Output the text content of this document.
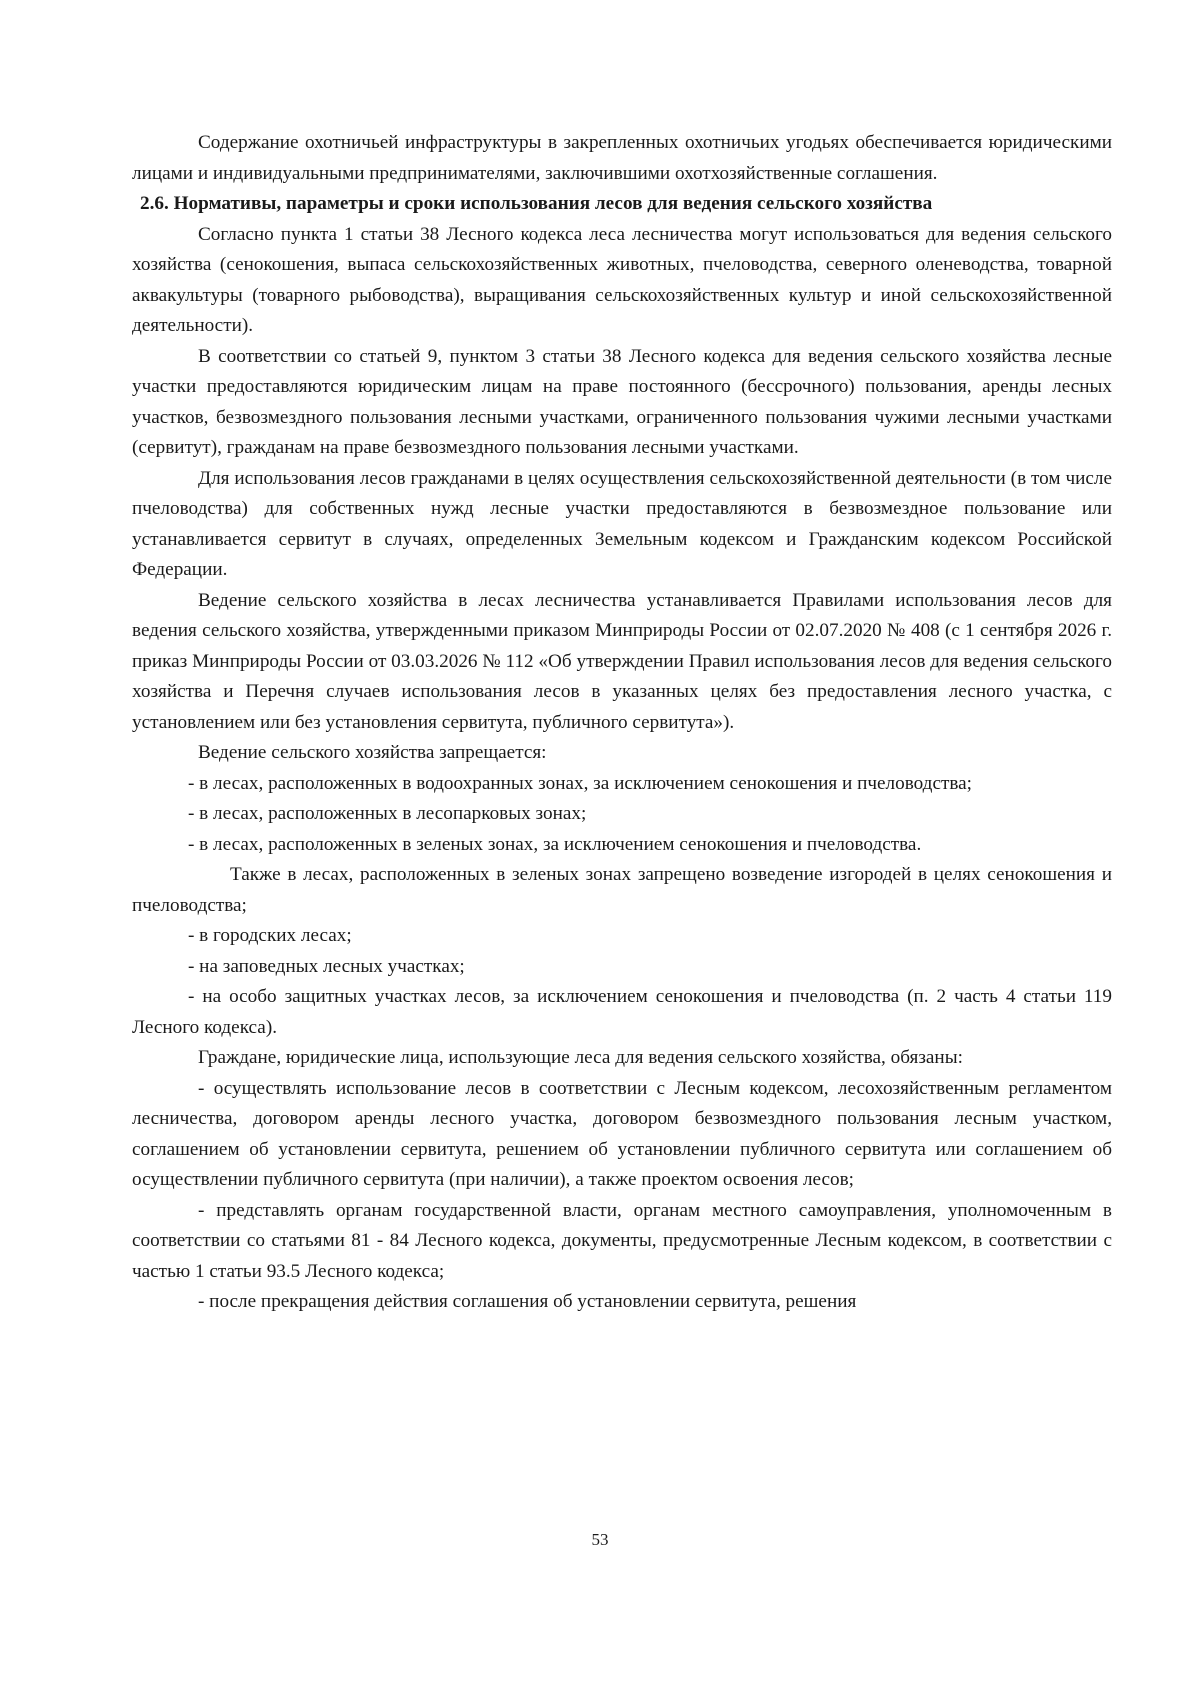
Содержание охотничьей инфраструктуры в закрепленных охотничьих угодьях обеспечивается юридическими лицами и индивидуальными предпринимателями, заключившими охотхозяйственные соглашения.

2.6. Нормативы, параметры и сроки использования лесов для ведения сельского хозяйства

Согласно пункта 1 статьи 38 Лесного кодекса леса лесничества могут использоваться для ведения сельского хозяйства (сенокошения, выпаса сельскохозяйственных животных, пчеловодства, северного оленеводства, товарной аквакультуры (товарного рыбоводства), выращивания сельскохозяйственных культур и иной сельскохозяйственной деятельности).

В соответствии со статьей 9, пунктом 3 статьи 38 Лесного кодекса для ведения сельского хозяйства лесные участки предоставляются юридическим лицам на праве постоянного (бессрочного) пользования, аренды лесных участков, безвозмездного пользования лесными участками, ограниченного пользования чужими лесными участками (сервитут), гражданам на праве безвозмездного пользования лесными участками.

Для использования лесов гражданами в целях осуществления сельскохозяйственной деятельности (в том числе пчеловодства) для собственных нужд лесные участки предоставляются в безвозмездное пользование или устанавливается сервитут в случаях, определенных Земельным кодексом и Гражданским кодексом Российской Федерации.

Ведение сельского хозяйства в лесах лесничества устанавливается Правилами использования лесов для ведения сельского хозяйства, утвержденными приказом Минприроды России от 02.07.2020 № 408 (с 1 сентября 2026 г. приказ Минприроды России от 03.03.2026 № 112 «Об утверждении Правил использования лесов для ведения сельского хозяйства и Перечня случаев использования лесов в указанных целях без предоставления лесного участка, с установлением или без установления сервитута, публичного сервитута»).

Ведение сельского хозяйства запрещается:

- в лесах, расположенных в водоохранных зонах, за исключением сенокошения и пчеловодства;

- в лесах, расположенных в лесопарковых зонах;

- в лесах, расположенных в зеленых зонах, за исключением сенокошения и пчеловодства.

Также в лесах, расположенных в зеленых зонах запрещено возведение изгородей в целях сенокошения и пчеловодства;

- в городских лесах;

- на заповедных лесных участках;

- на особо защитных участках лесов, за исключением сенокошения и пчеловодства (п. 2 часть 4 статьи 119 Лесного кодекса).

Граждане, юридические лица, использующие леса для ведения сельского хозяйства, обязаны:

- осуществлять использование лесов в соответствии с Лесным кодексом, лесохозяйственным регламентом лесничества, договором аренды лесного участка, договором безвозмездного пользования лесным участком, соглашением об установлении сервитута, решением об установлении публичного сервитута или соглашением об осуществлении публичного сервитута (при наличии), а также проектом освоения лесов;

- представлять органам государственной власти, органам местного самоуправления, уполномоченным в соответствии со статьями 81 - 84 Лесного кодекса, документы, предусмотренные Лесным кодексом, в соответствии с частью 1 статьи 93.5 Лесного кодекса;

- после прекращения действия соглашения об установлении сервитута, решения

53
